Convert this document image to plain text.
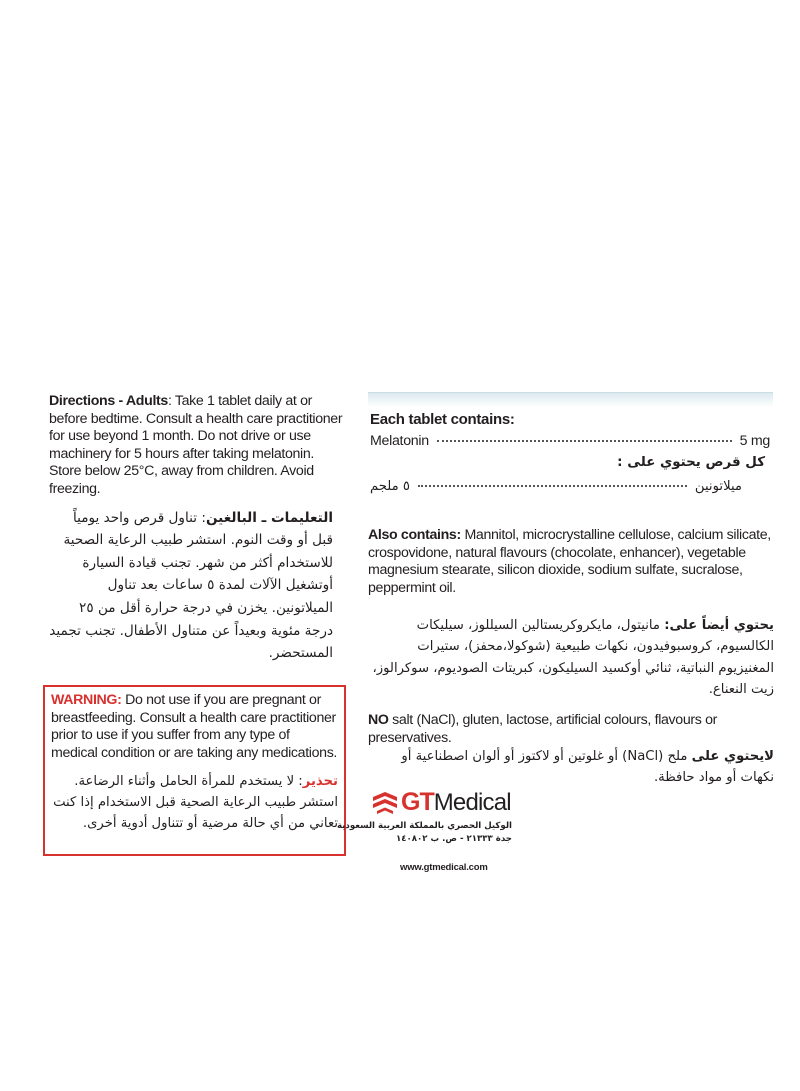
Directions - Adults: Take 1 tablet daily at or before bedtime. Consult a health care practitioner for use beyond 1 month. Do not drive or use machinery for 5 hours after taking melatonin. Store below 25°C, away from children. Avoid freezing.

التعليمات ـ البالغين: تناول قرص واحد يومياً قبل أو وقت النوم. استشر طبيب الرعاية الصحية للاستخدام أكثر من شهر. تجنب قيادة السيارة أوتشغيل الآلات لمدة ٥ ساعات بعد تناول الميلاتونين. يخزن في درجة حرارة أقل من ٢٥ درجة مئوية وبعيداً عن متناول الأطفال. تجنب تجميد المستحضر.

WARNING: Do not use if you are pregnant or breastfeeding. Consult a health care practitioner prior to use if you suffer from any type of medical condition or are taking any medications.

تحذير: لا يستخدم للمرأة الحامل وأثناء الرضاعة. استشر طبيب الرعاية الصحية قبل الاستخدام إذا كنت تعاني من أي حالة مرضية أو تتناول أدوية أخرى.
Each tablet contains:
Melatonin	5 mg
كل قرص يحتوي على :
ميلاتونين
٥ ملجم

Also contains: Mannitol, microcrystalline cellulose, calcium silicate, crospovidone, natural flavours (chocolate, enhancer), vegetable magnesium stearate, silicon dioxide, sodium sulfate, sucralose, peppermint oil.

يحتوي أيضاً على: مانيتول، مايكروكريستالين السيللوز، سيليكات الكالسيوم، كروسبوفيدون، نكهات طبيعية (شوكولا،محفز)، ستيرات المغنيزيوم النباتية، ثنائي أوكسيد السيليكون، كبريتات الصوديوم، سوكرالوز، زيت النعناع.

NO salt (NaCl), gluten, lactose, artificial colours, flavours or preservatives.

لايحتوي على ملح (NaCl) أو غلوتين أو لاكتوز أو ألوان اصطناعية أو نكهات أو مواد حافظة.
GT Medical
الوكيل الحصري بالمملكة العربية السعودية
جدة ٢١٣٣٣ - ص. ب ١٤٠٨٠٢
www.gtmedical.com
